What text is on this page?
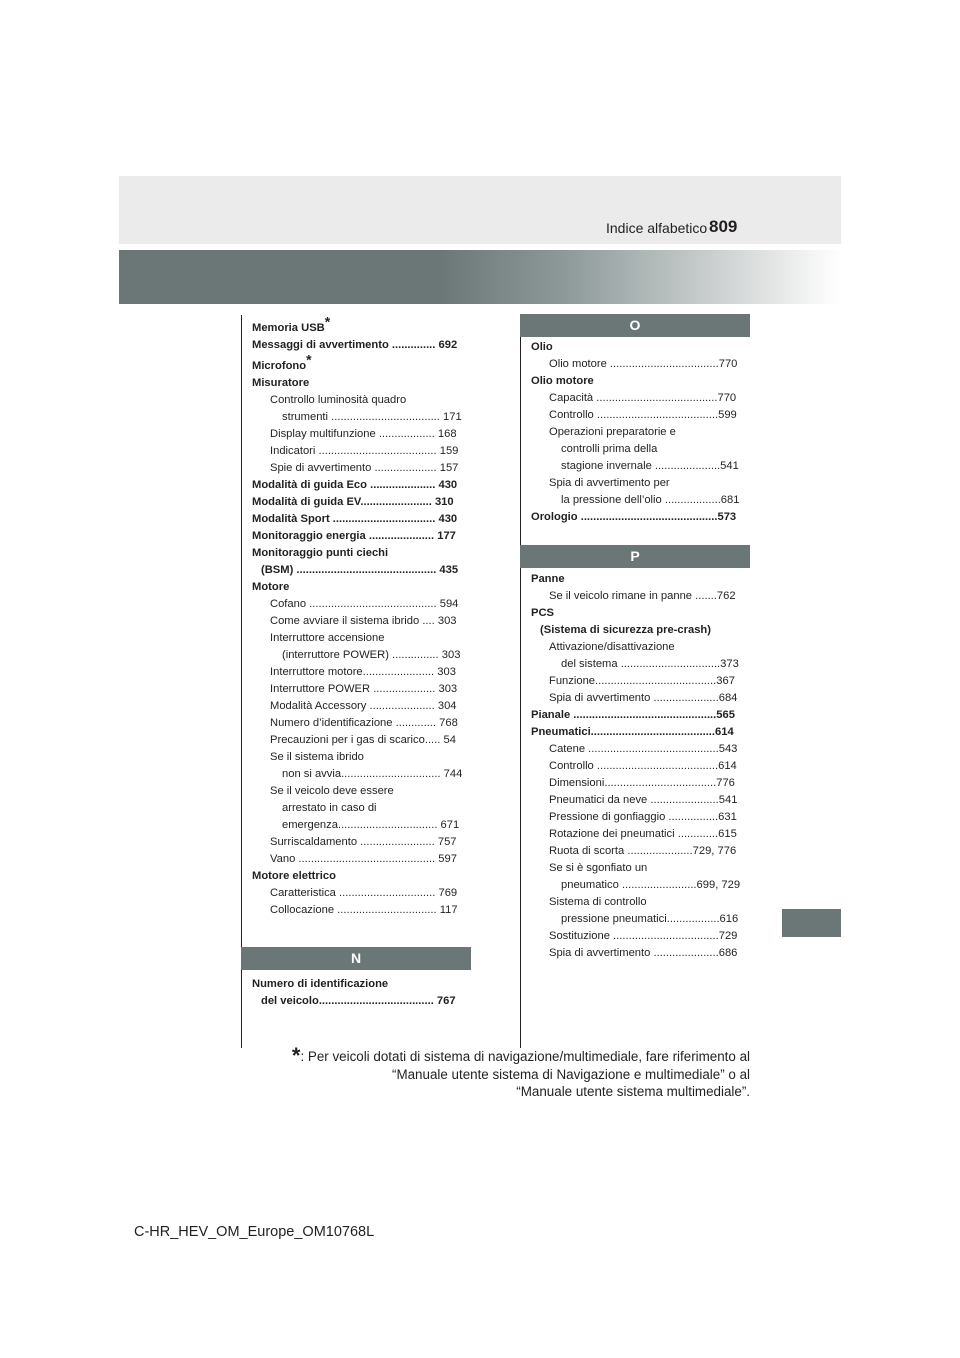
809
Indice alfabetico
Memoria USB*
Messaggi di avvertimento .............. 692
Microfono*
Misuratore
Controllo luminosità quadro
strumenti ................................... 171
Display multifunzione .................. 168
Indicatori ...................................... 159
Spie di avvertimento .................... 157
Modalità di guida Eco ..................... 430
Modalità di guida EV....................... 310
Modalità Sport ................................. 430
Monitoraggio energia ..................... 177
Monitoraggio punti ciechi
(BSM) ............................................. 435
Motore
Cofano ......................................... 594
Come avviare il sistema ibrido .... 303
Interruttore accensione
(interruttore POWER) ............... 303
Interruttore motore....................... 303
Interruttore POWER .................... 303
Modalità Accessory ..................... 304
Numero d’identificazione ............. 768
Precauzioni per i gas di scarico..... 54
Se il sistema ibrido
non si avvia................................ 744
Se il veicolo deve essere
arrestato in caso di
emergenza................................ 671
Surriscaldamento ........................ 757
Vano ............................................ 597
Motore elettrico
Caratteristica ............................... 769
Collocazione ................................ 117
N
Numero di identificazione
del veicolo..................................... 767
O
Olio
Olio motore ...................................770
Olio motore
Capacità .......................................770
Controllo .......................................599
Operazioni preparatorie e
controlli prima della
stagione invernale .....................541
Spia di avvertimento per
la pressione dell’olio ..................681
Orologio ............................................573
P
Panne
Se il veicolo rimane in panne .......762
PCS
(Sistema di sicurezza pre-crash)
Attivazione/disattivazione
del sistema ................................373
Funzione.......................................367
Spia di avvertimento .....................684
Pianale ..............................................565
Pneumatici........................................614
Catene ..........................................543
Controllo .......................................614
Dimensioni....................................776
Pneumatici da neve ......................541
Pressione di gonfiaggio ................631
Rotazione dei pneumatici .............615
Ruota di scorta .....................729, 776
Se si è sgonfiato un
pneumatico ........................699, 729
Sistema di controllo
pressione pneumatici.................616
Sostituzione ..................................729
Spia di avvertimento .....................686
*: Per veicoli dotati di sistema di navigazione/multimediale, fare riferimento al
“Manuale utente sistema di Navigazione e multimediale” o al
“Manuale utente sistema multimediale”.
C-HR_HEV_OM_Europe_OM10768L
